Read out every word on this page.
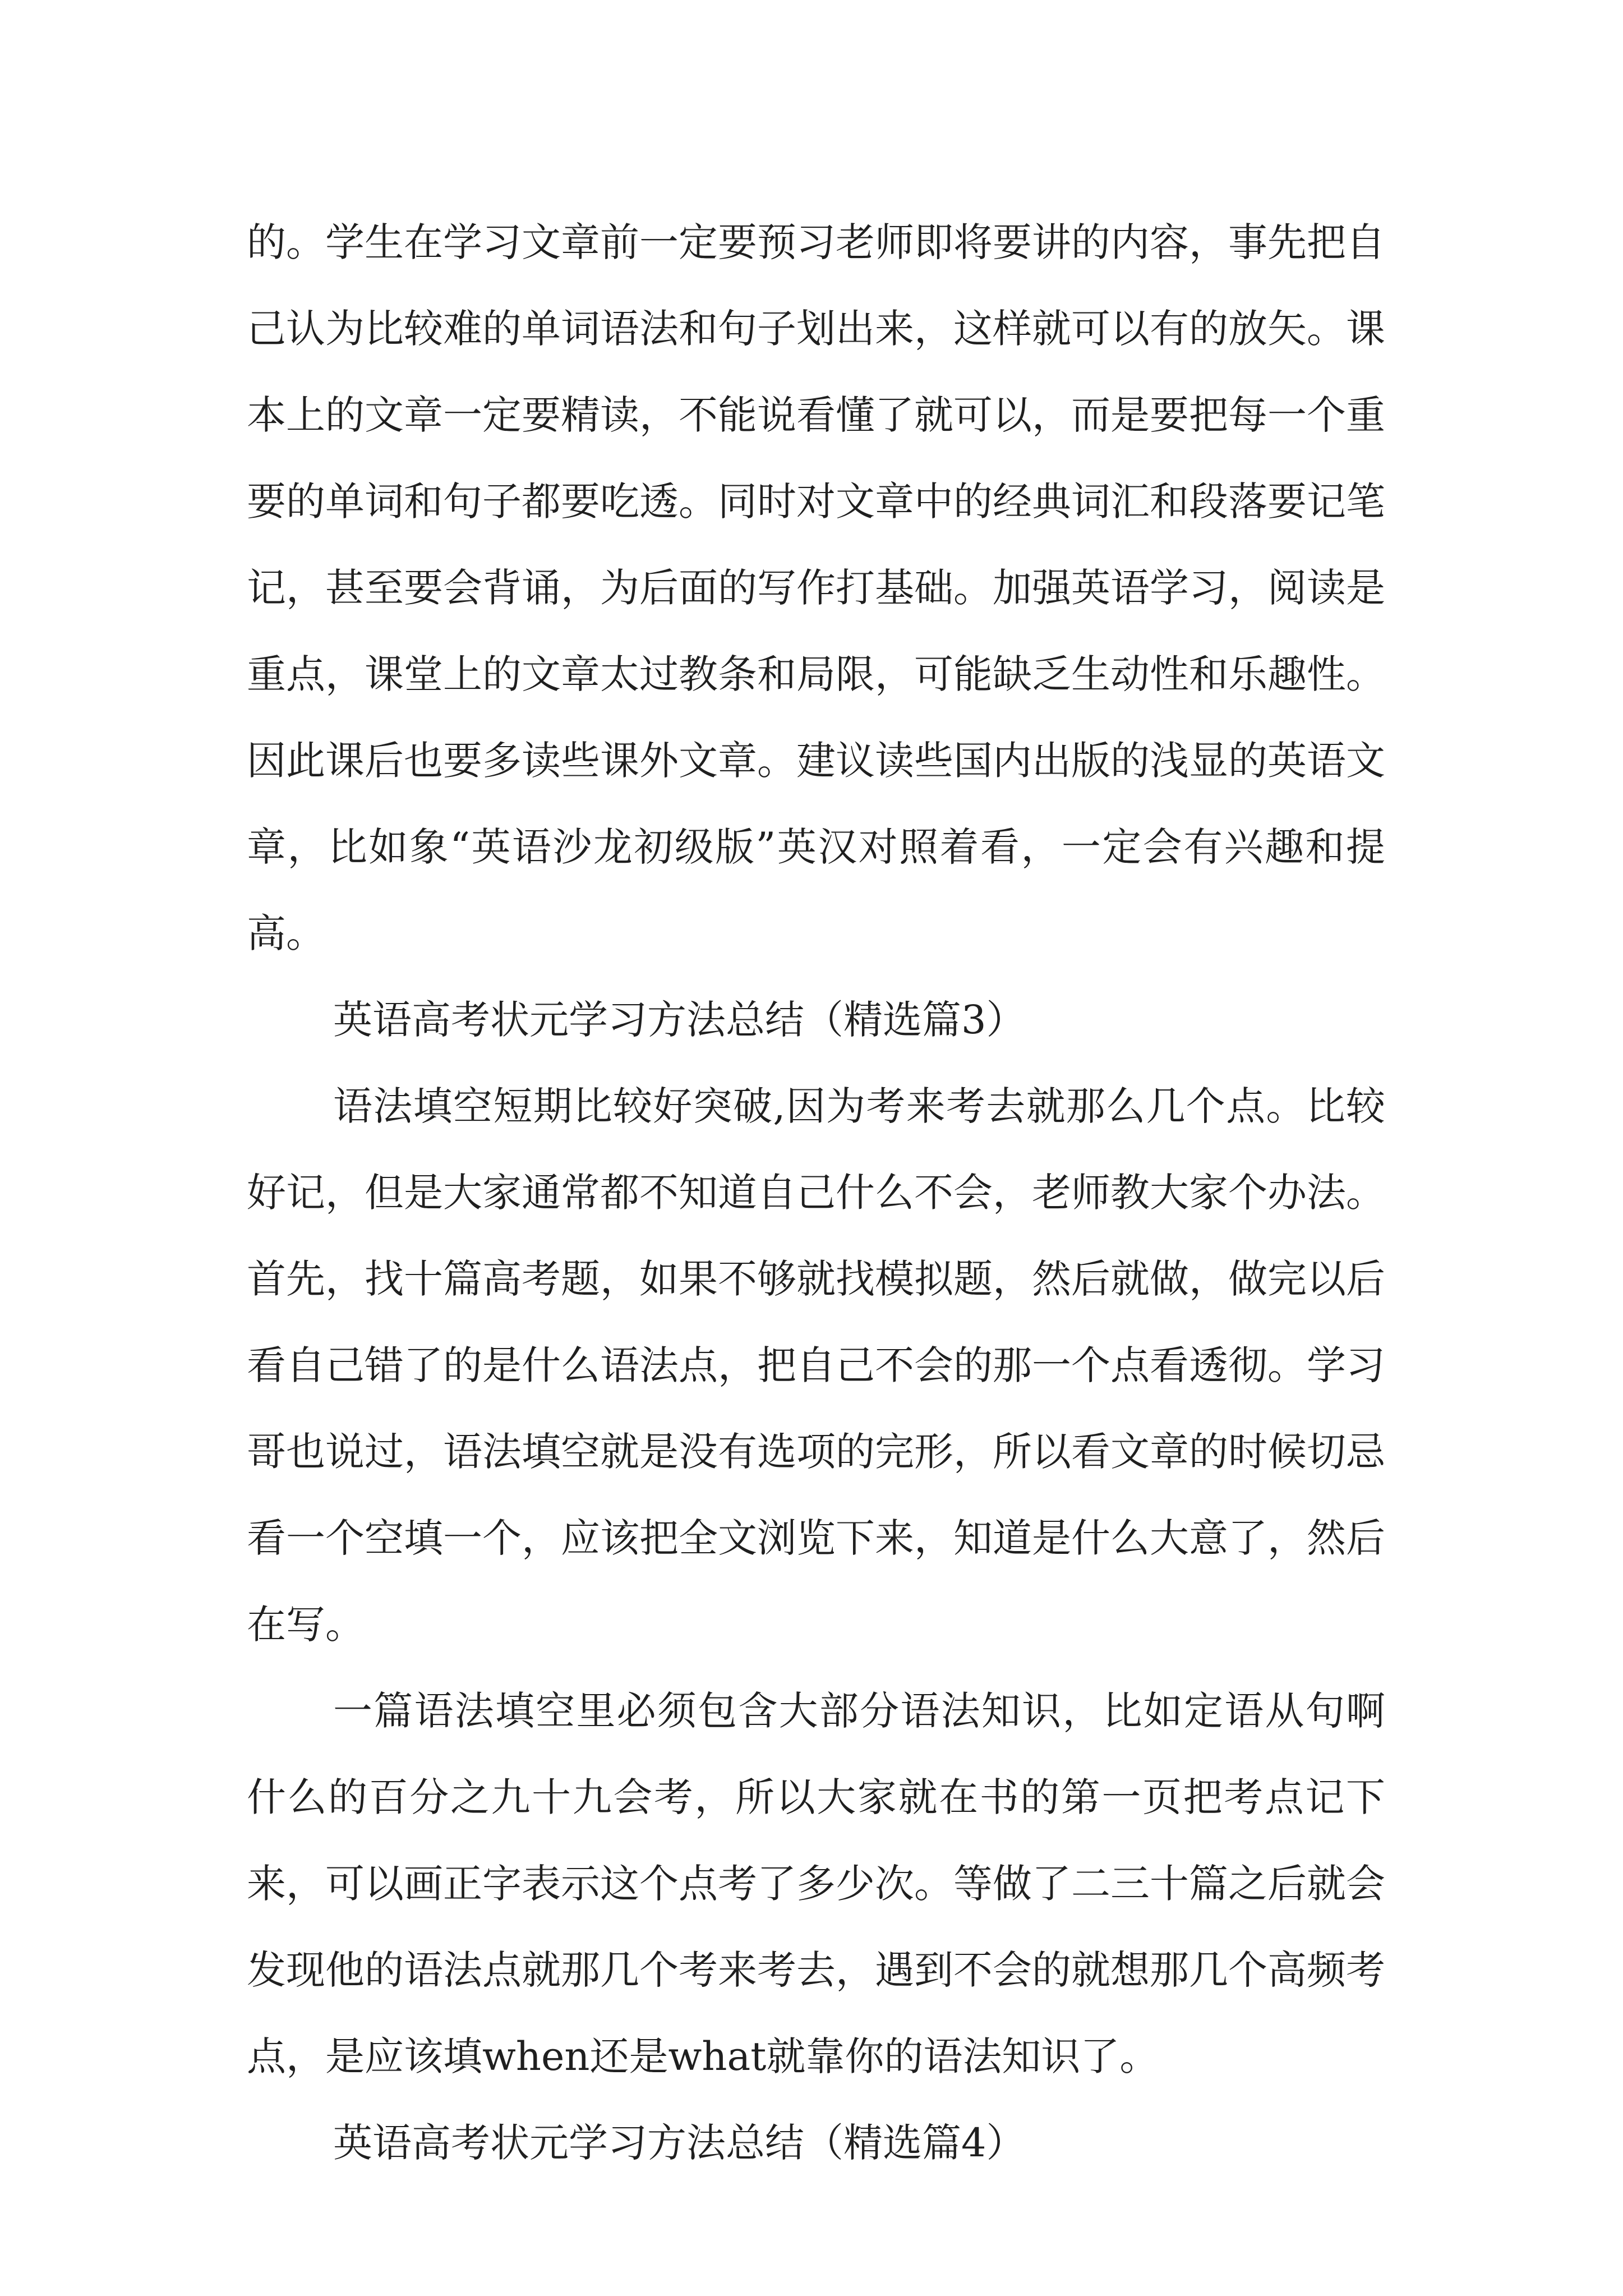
的。学生在学习文章前一定要预习老师即将要讲的内容，事先把自己认为比较难的单词语法和句子划出来，这样就可以有的放矢。课本上的文章一定要精读，不能说看懂了就可以，而是要把每一个重要的单词和句子都要吃透。同时对文章中的经典词汇和段落要记笔记，甚至要会背诵，为后面的写作打基础。加强英语学习，阅读是重点，课堂上的文章太过教条和局限，可能缺乏生动性和乐趣性。因此课后也要多读些课外文章。建议读些国内出版的浅显的英语文章，比如象“英语沙龙初级版”英汉对照着看，一定会有兴趣和提高。

英语高考状元学习方法总结（精选篇3）

语法填空短期比较好突破,因为考来考去就那么几个点。比较好记，但是大家通常都不知道自己什么不会，老师教大家个办法。首先，找十篇高考题，如果不够就找模拟题，然后就做，做完以后看自己错了的是什么语法点，把自己不会的那一个点看透彻。学习哥也说过，语法填空就是没有选项的完形，所以看文章的时候切忌看一个空填一个，应该把全文浏览下来，知道是什么大意了，然后在写。

一篇语法填空里必须包含大部分语法知识，比如定语从句啊什么的百分之九十九会考，所以大家就在书的第一页把考点记下来，可以画正字表示这个点考了多少次。等做了二三十篇之后就会发现他的语法点就那几个考来考去，遇到不会的就想那几个高频考点，是应该填when还是what就靠你的语法知识了。

英语高考状元学习方法总结（精选篇4）
